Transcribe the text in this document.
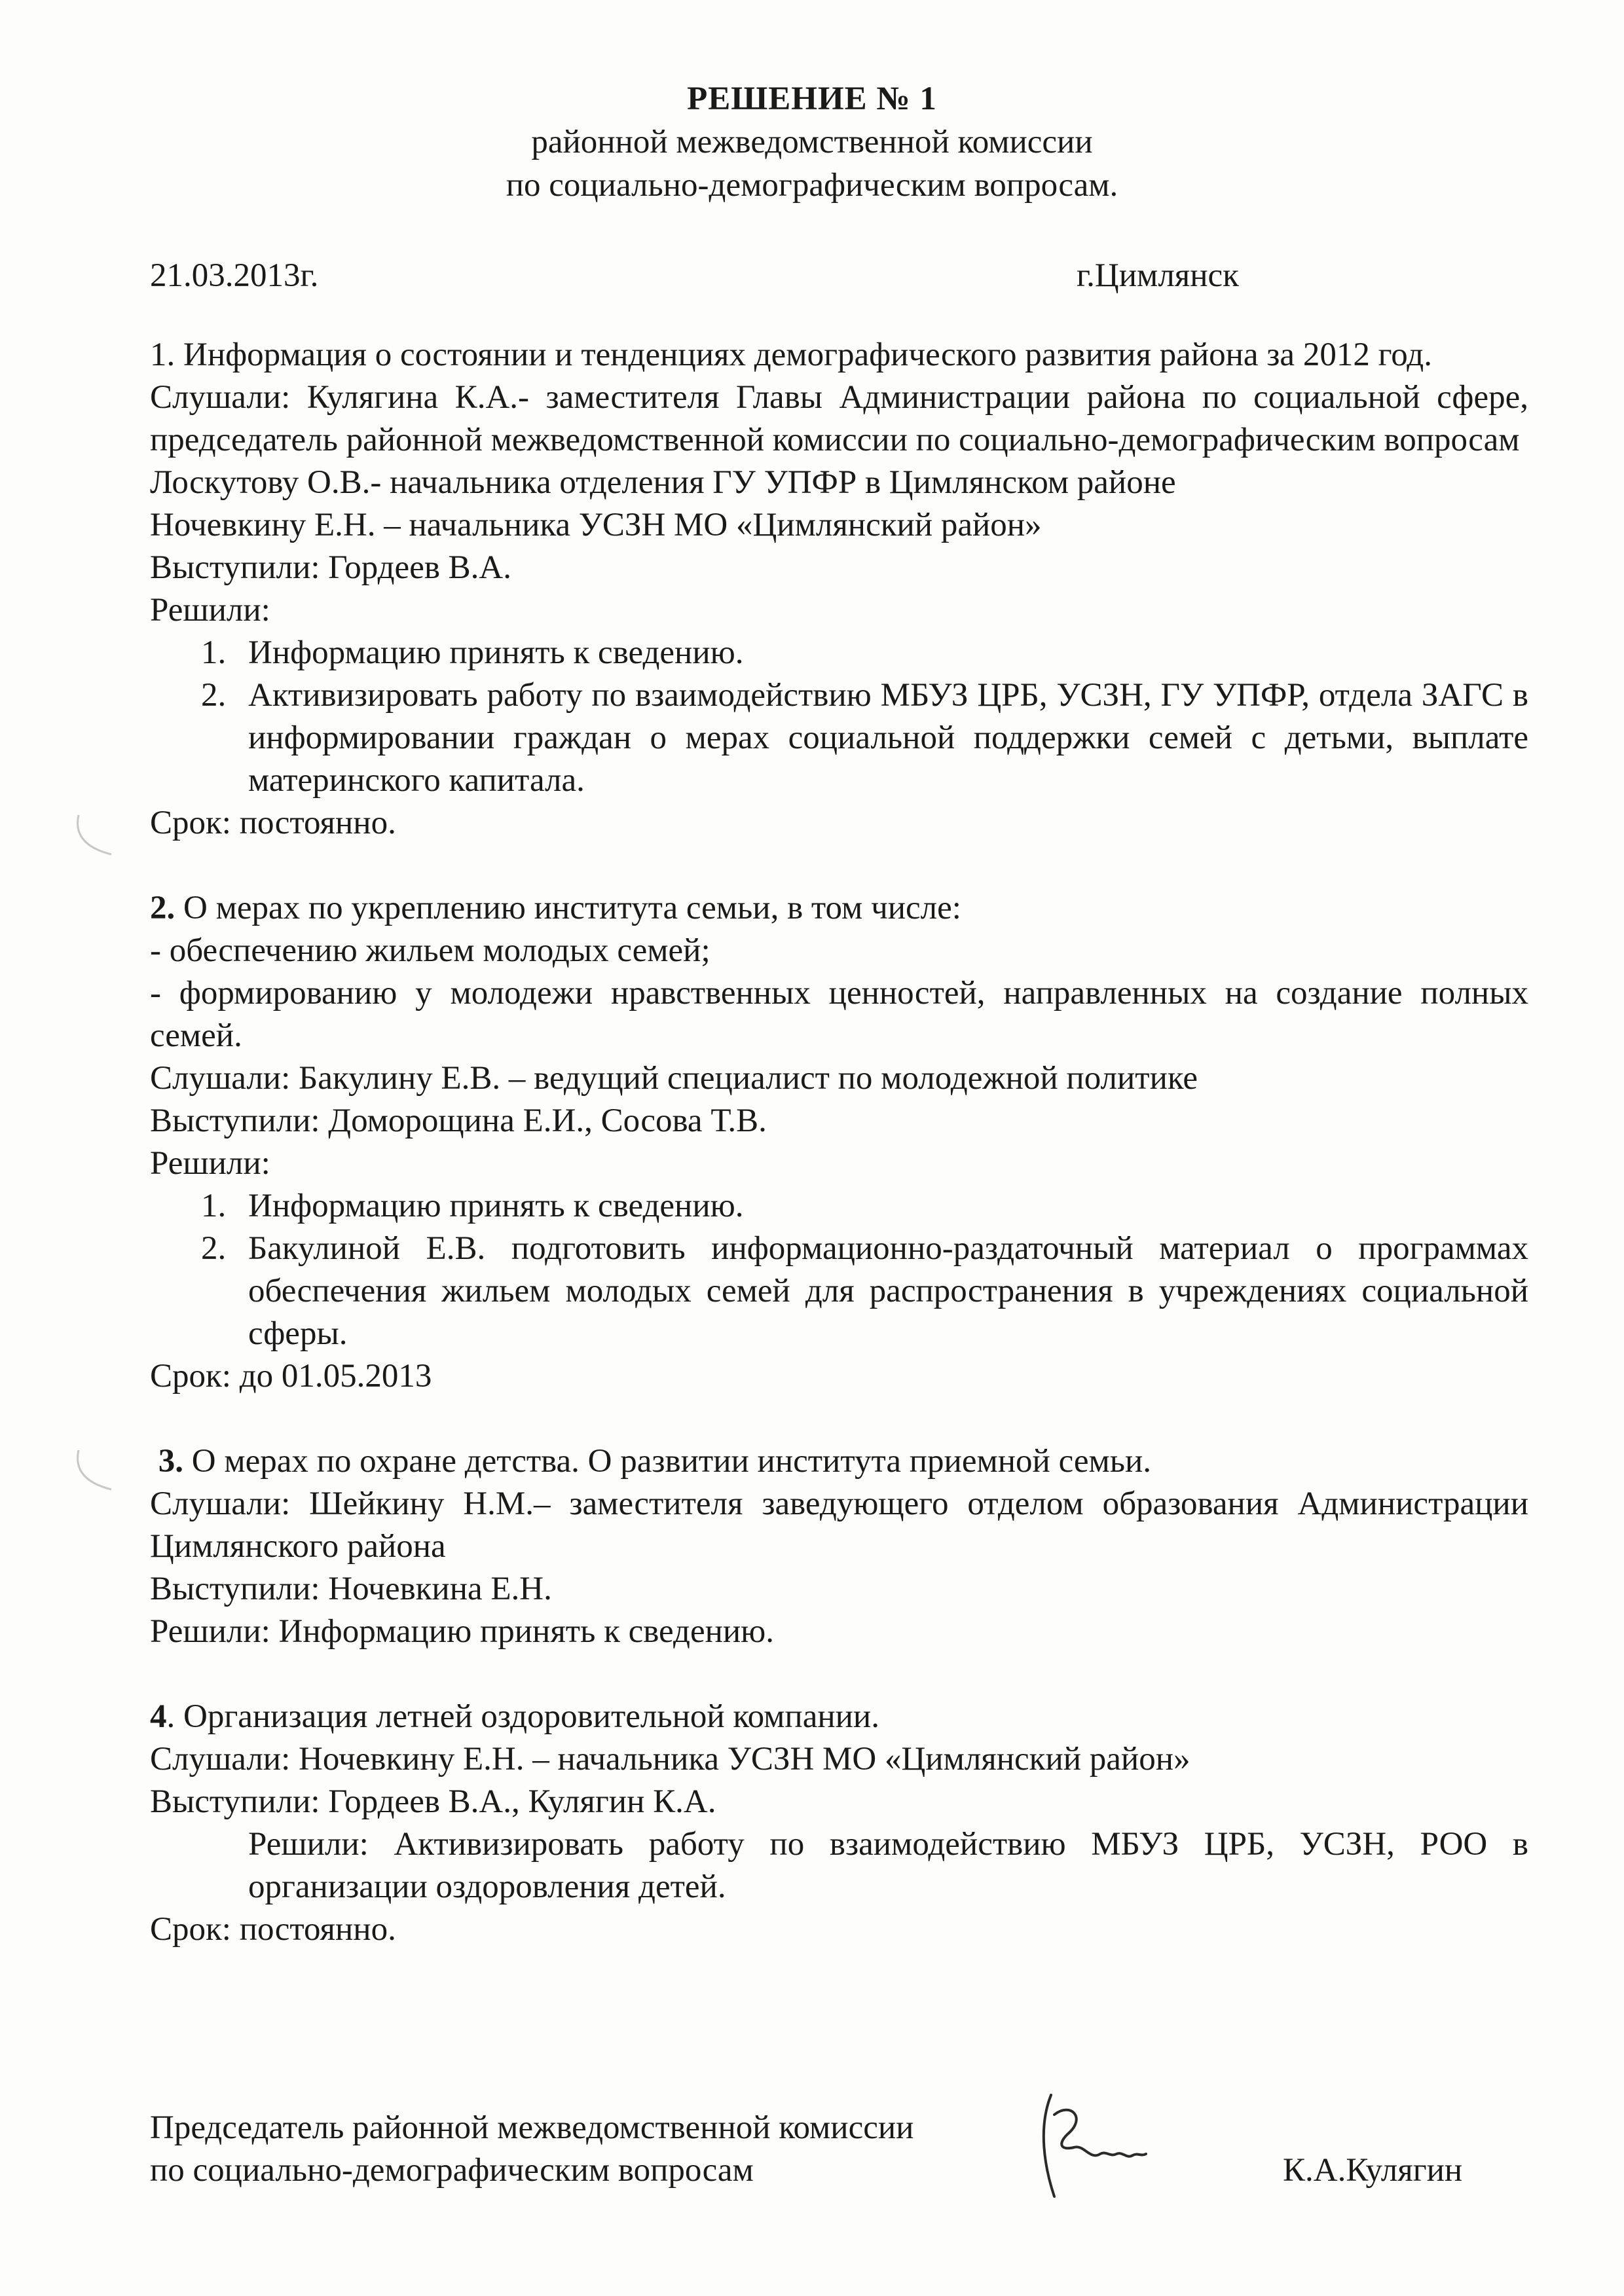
РЕШЕНИЕ № 1
районной межведомственной комиссии
по социально-демографическим вопросам.
21.03.2013г.	г.Цимлянск

1. Информация о состоянии и тенденциях демографического развития района за 2012 год.

Слушали: Кулягина К.А.- заместителя Главы Администрации района по социальной сфере, председатель районной межведомственной комиссии по социально-демографическим вопросам

Лоскутову О.В.- начальника отделения ГУ УПФР в Цимлянском районе

Ночевкину Е.Н. – начальника УСЗН МО «Цимлянский район»

Выступили: Гордеев В.А.

Решили:

1. Информацию принять к сведению.
2. Активизировать работу по взаимодействию МБУЗ ЦРБ, УСЗН, ГУ УПФР, отдела ЗАГС в информировании граждан о мерах социальной поддержки семей с детьми, выплате материнского капитала.

Срок: постоянно.

2. О мерах по укреплению института семьи, в том числе:

- обеспечению жильем молодых семей;

- формированию у молодежи нравственных ценностей, направленных на создание полных семей.

Слушали: Бакулину Е.В. – ведущий специалист по молодежной политике

Выступили: Доморощина Е.И., Сосова Т.В.

Решили:

1. Информацию принять к сведению.
2. Бакулиной Е.В. подготовить информационно-раздаточный материал о программах обеспечения жильем молодых семей для распространения в учреждениях социальной сферы.

Срок: до 01.05.2013

3. О мерах по охране детства. О развитии института приемной семьи.

Слушали: Шейкину Н.М.– заместителя заведующего отделом образования Администрации Цимлянского района

Выступили: Ночевкина Е.Н.

Решили: Информацию принять к сведению.

4. Организация летней оздоровительной компании.

Слушали: Ночевкину Е.Н. – начальника УСЗН МО «Цимлянский район»

Выступили: Гордеев В.А., Кулягин К.А.

Решили: Активизировать работу по взаимодействию МБУЗ ЦРБ, УСЗН, РОО в организации оздоровления детей.

Срок: постоянно.

Председатель районной межведомственной комиссии
по социально-демографическим вопросам	К.А.Кулягин
